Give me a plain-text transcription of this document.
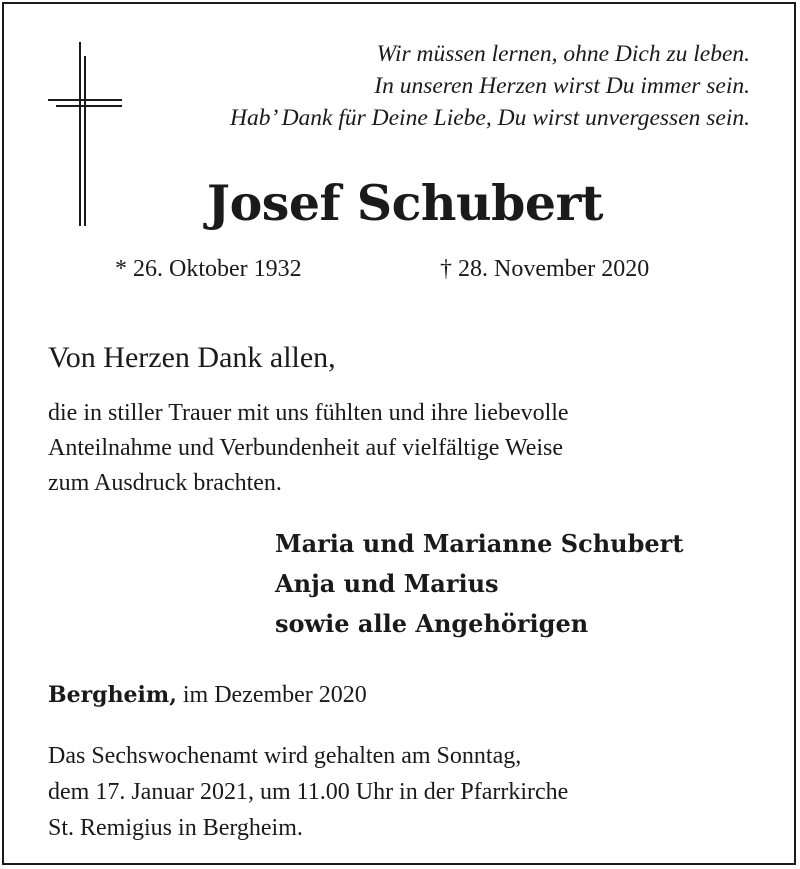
Wir müssen lernen, ohne Dich zu leben.
In unseren Herzen wirst Du immer sein.
Hab’ Dank für Deine Liebe, Du wirst unvergessen sein.
Josef Schubert
* 26. Oktober 1932	† 28. November 2020
Von Herzen Dank allen,
die in stiller Trauer mit uns fühlten und ihre liebevolle
Anteilnahme und Verbundenheit auf vielfältige Weise
zum Ausdruck brachten.
Maria und Marianne Schubert
Anja und Marius
sowie alle Angehörigen
Bergheim, im Dezember 2020
Das Sechswochenamt wird gehalten am Sonntag,
dem 17. Januar 2021, um 11.00 Uhr in der Pfarrkirche
St. Remigius in Bergheim.
